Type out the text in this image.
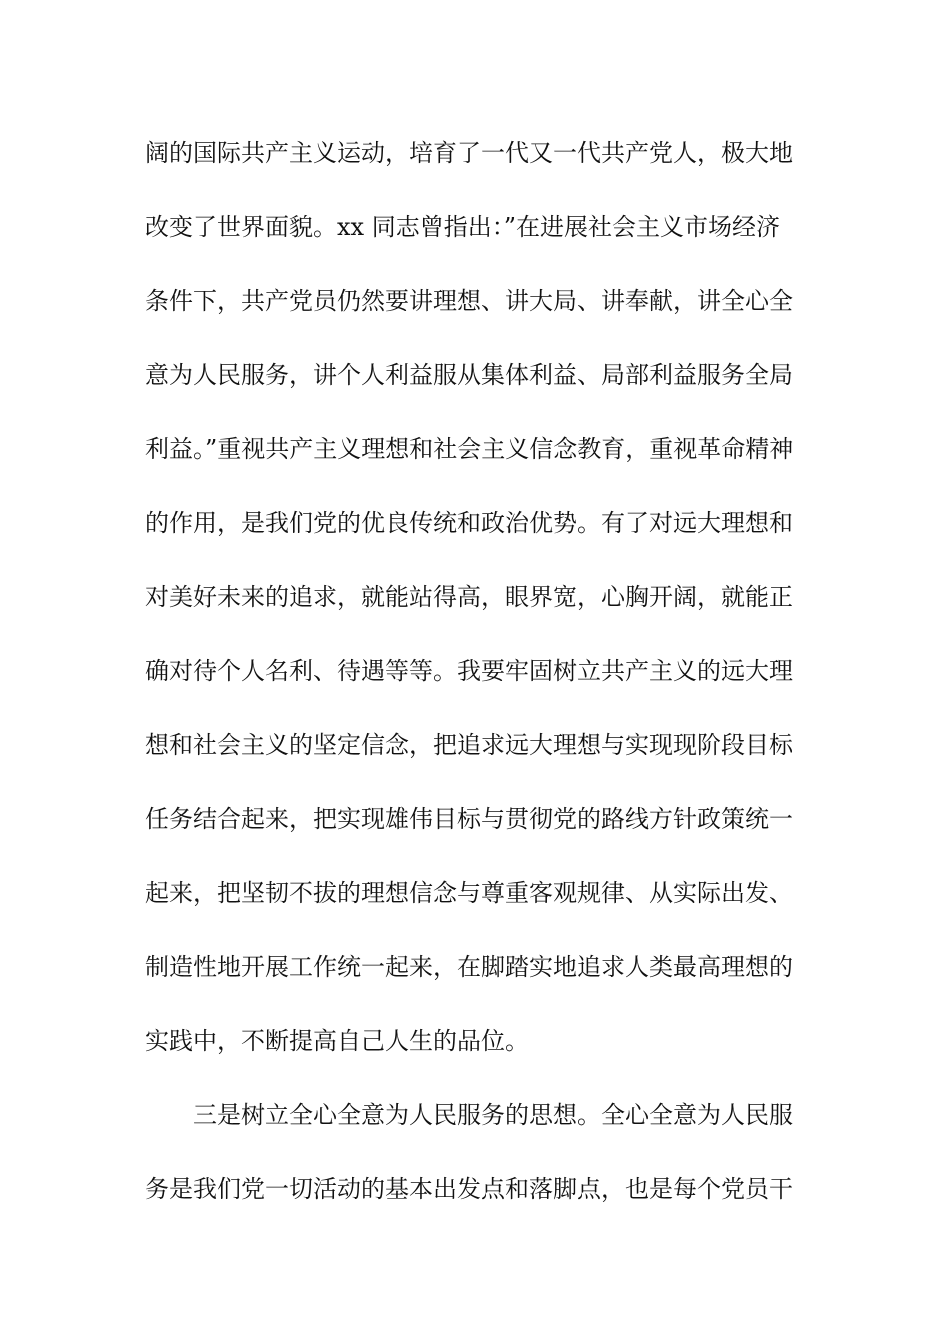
阔的国际共产主义运动，培育了一代又一代共产党人，极大地
改变了世界面貌。xx 同志曾指出：”在进展社会主义市场经济
条件下，共产党员仍然要讲理想、讲大局、讲奉献，讲全心全
意为人民服务，讲个人利益服从集体利益、局部利益服务全局
利益。”重视共产主义理想和社会主义信念教育，重视革命精神
的作用，是我们党的优良传统和政治优势。有了对远大理想和
对美好未来的追求，就能站得高，眼界宽，心胸开阔，就能正
确对待个人名利、待遇等等。我要牢固树立共产主义的远大理
想和社会主义的坚定信念，把追求远大理想与实现现阶段目标
任务结合起来，把实现雄伟目标与贯彻党的路线方针政策统一
起来，把坚韧不拔的理想信念与尊重客观规律、从实际出发、
制造性地开展工作统一起来，在脚踏实地追求人类最高理想的
实践中，不断提高自己人生的品位。
三是树立全心全意为人民服务的思想。全心全意为人民服
务是我们党一切活动的基本出发点和落脚点，也是每个党员干
